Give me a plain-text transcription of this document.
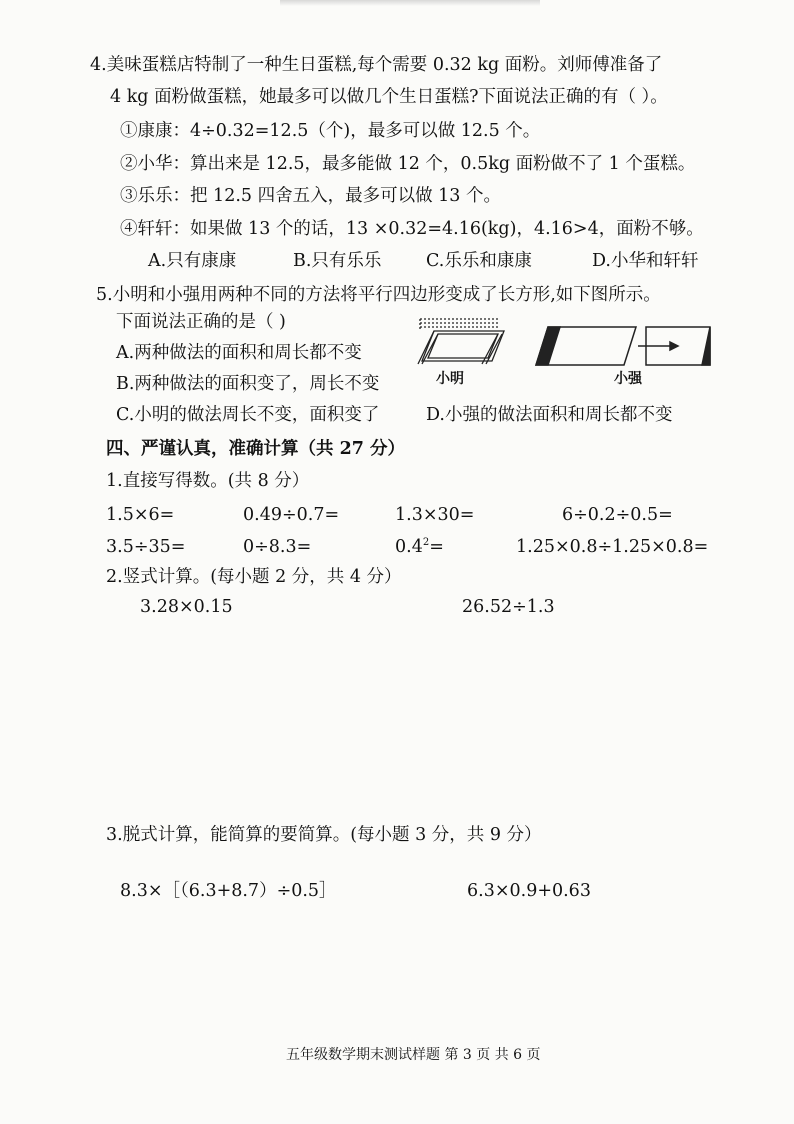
4.美味蛋糕店特制了一种生日蛋糕,每个需要 0.32 kg 面粉。刘师傅准备了
4 kg 面粉做蛋糕，她最多可以做几个生日蛋糕?下面说法正确的有（ ）。
①康康：4÷0.32=12.5（个)，最多可以做 12.5 个。
②小华：算出来是 12.5，最多能做 12 个，0.5kg 面粉做不了 1 个蛋糕。
③乐乐：把 12.5 四舍五入，最多可以做 13 个。
④轩轩：如果做 13 个的话，13 ×0.32=4.16(kg)，4.16>4，面粉不够。
A.只有康康	B.只有乐乐	C.乐乐和康康	D.小华和轩轩
5.小明和小强用两种不同的方法将平行四边形变成了长方形,如下图所示。
下面说法正确的是（ )
A.两种做法的面积和周长都不变
B.两种做法的面积变了，周长不变
C.小明的做法周长不变，面积变了	D.小强的做法面积和周长都不变
小明	小强
四、严谨认真，准确计算（共 27 分）
1.直接写得数。(共 8 分）
1.5×6=	0.49÷0.7=	1.3×30=	6÷0.2÷0.5=
3.5÷35=	0÷8.3=	$0.4^2=$	1.25×0.8÷1.25×0.8=
2.竖式计算。(每小题 2 分，共 4 分）
3.28×0.15	26.52÷1.3
3.脱式计算，能简算的要简算。(每小题 3 分，共 9 分）
8.3×［（6.3+8.7）÷0.5］	6.3×0.9+0.63
五年级数学期末测试样题 第 3 页 共 6 页
